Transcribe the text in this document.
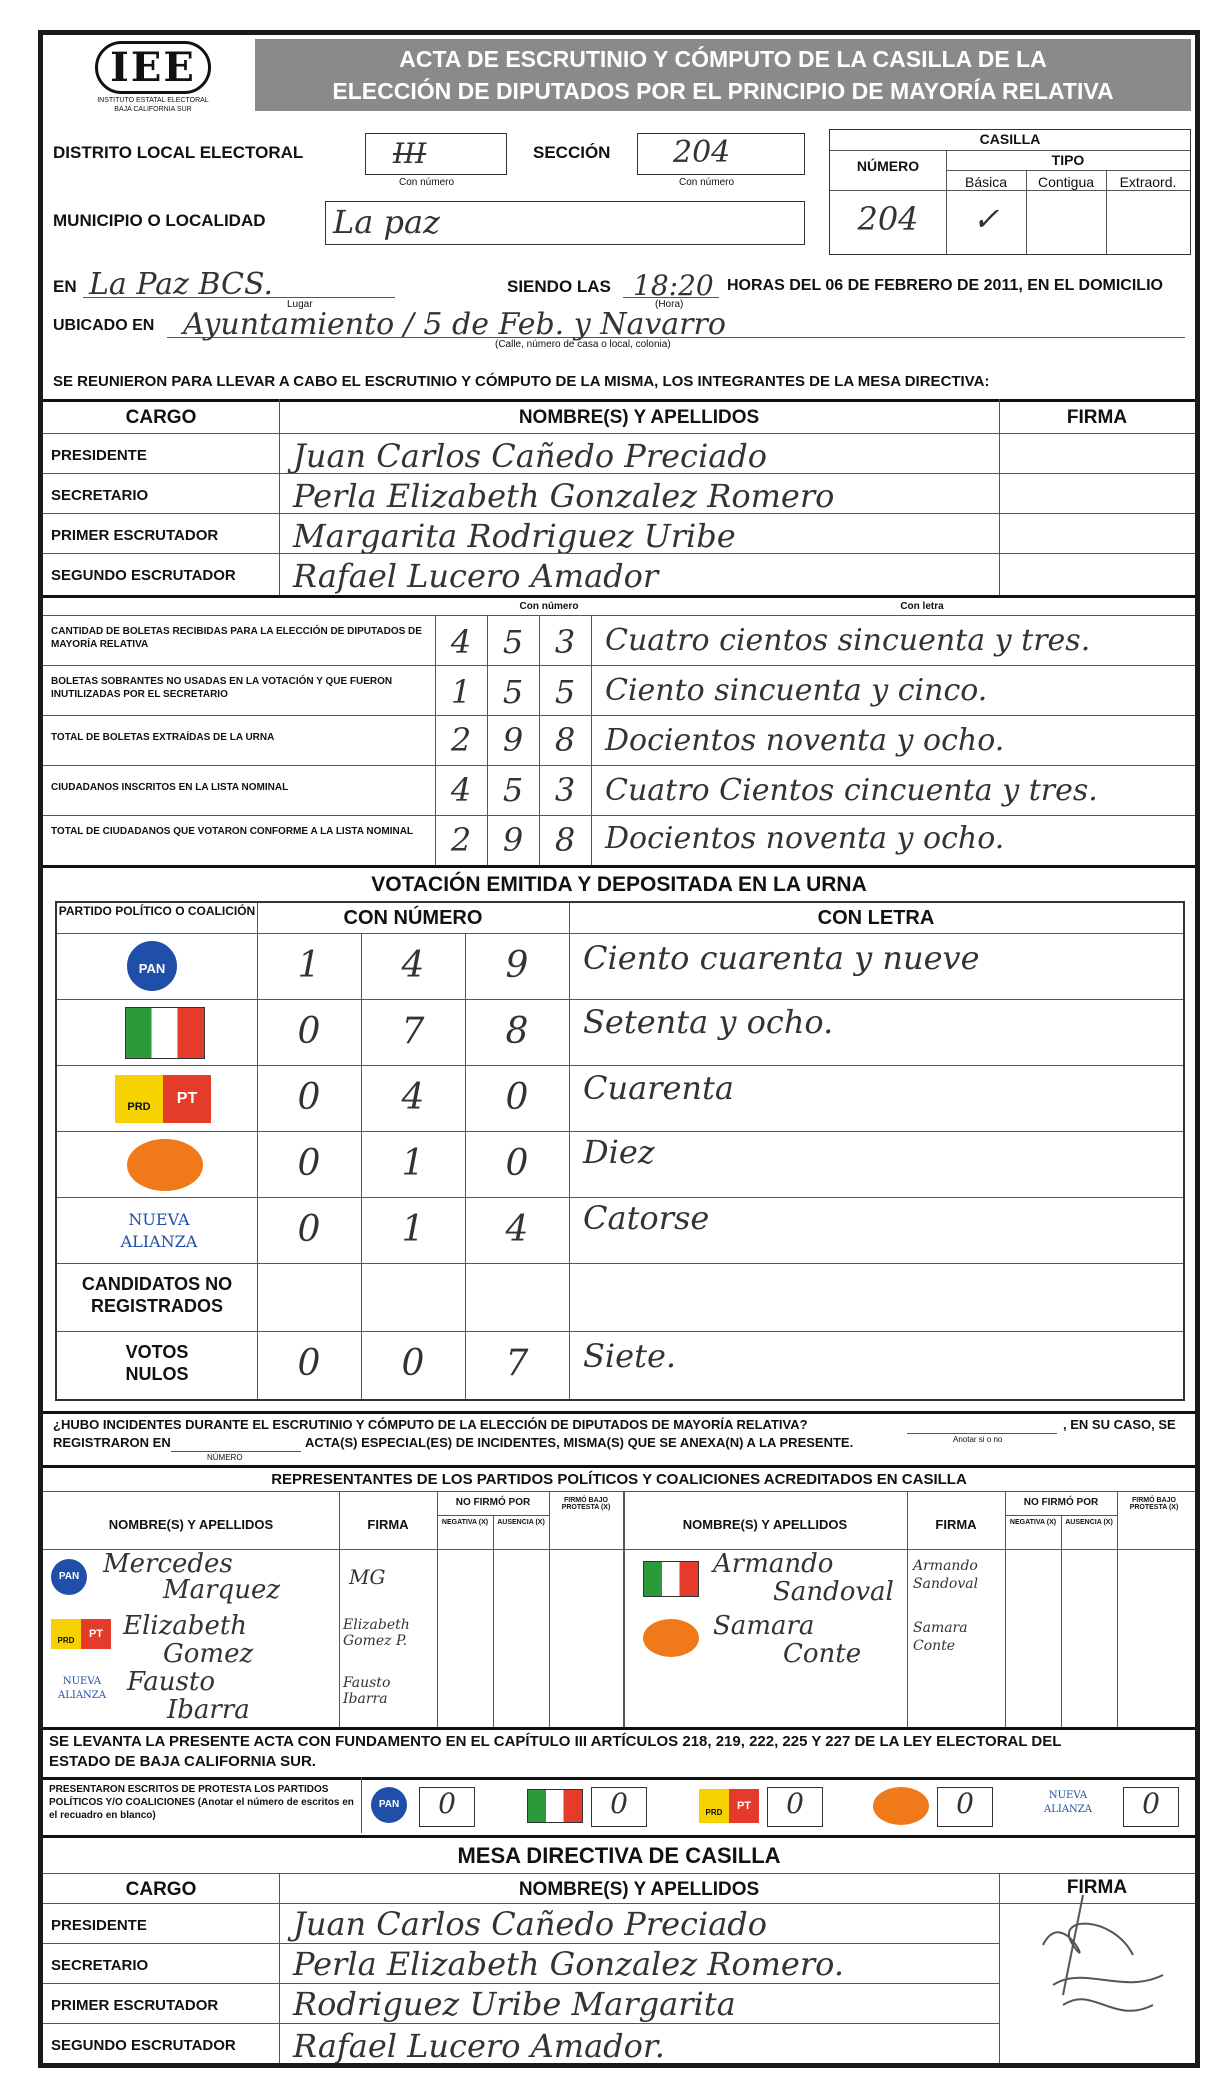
IEE
INSTITUTO ESTATAL ELECTORAL BAJA CALIFORNIA SUR
ACTA DE ESCRUTINIO Y CÓMPUTO DE LA CASILLA DE LA
ELECCIÓN DE DIPUTADOS POR EL PRINCIPIO DE MAYORÍA RELATIVA
DISTRITO LOCAL ELECTORAL	III
Con número
SECCIÓN 204
Con número
MUNICIPIO O LOCALIDAD La paz
CASILLA
NÚMERO	TIPO
Básica	Contigua	Extraord.
204	✓
EN La Paz BCS.
Lugar
SIENDO LAS 18:20
(Hora)
HORAS DEL 06 DE FEBRERO DE 2011, EN EL DOMICILIO
UBICADO EN Ayuntamiento / 5 de Feb. y Navarro
(Calle, número de casa o local, colonia)
SE REUNIERON PARA LLEVAR A CABO EL ESCRUTINIO Y CÓMPUTO DE LA MISMA, LOS INTEGRANTES DE LA MESA DIRECTIVA:
CARGO	NOMBRE(S) Y APELLIDOS	FIRMA
PRESIDENTE	Juan Carlos Cañedo Preciado
SECRETARIO	Perla Elizabeth Gonzalez Romero
PRIMER ESCRUTADOR Margarita Rodriguez Uribe
SEGUNDO ESCRUTADOR Rafael Lucero Amador
Con número	Con letra
CANTIDAD DE BOLETAS RECIBIDAS PARA LA ELECCIÓN DE DIPUTADOS DE MAYORÍA RELATIVA	4 5 3 Cuatro cientos sincuenta y tres.
BOLETAS SOBRANTES NO USADAS EN LA VOTACIÓN Y QUE FUERON INUTILIZADAS POR EL SECRETARIO	1 5 5 Ciento sincuenta y cinco.
TOTAL DE BOLETAS EXTRAÍDAS DE LA URNA	2 9 8 Docientos noventa y ocho.
CIUDADANOS INSCRITOS EN LA LISTA NOMINAL	4 5 3 Cuatro Cientos cincuenta y tres.
TOTAL DE CIUDADANOS QUE VOTARON CONFORME A LA LISTA NOMINAL	2 9 8 Docientos noventa y ocho.
VOTACIÓN EMITIDA Y DEPOSITADA EN LA URNA
PARTIDO POLÍTICO O COALICIÓN	CON NÚMERO	CON LETRA
PAN	1	4	9	Ciento cuarenta y nueve
0	7	8	Setenta y ocho.
PRD	PT	0	4	0	Cuarenta
0	1	0	Diez
NUEVA
ALIANZA	0	1	4	Catorse
CANDIDATOS NO REGISTRADOS
VOTOS NULOS	0	0	7	Siete.
¿HUBO INCIDENTES DURANTE EL ESCRUTINIO Y CÓMPUTO DE LA ELECCIÓN DE DIPUTADOS DE MAYORÍA RELATIVA?	, EN SU CASO, SE
REGISTRARON EN	ACTA(S) ESPECIAL(ES) DE INCIDENTES, MISMA(S) QUE SE ANEXA(N) A LA PRESENTE.
NÚMERO
Anotar si o no
REPRESENTANTES DE LOS PARTIDOS POLÍTICOS Y COALICIONES ACREDITADOS EN CASILLA
NOMBRE(S) Y APELLIDOS	FIRMA
NO FIRMÓ POR
NEGATIVA (X)	AUSENCIA (X)
FIRMÓ BAJO PROTESTA (X)
NOMBRE(S) Y APELLIDOS	FIRMA
NO FIRMÓ POR
NEGATIVA (X)	AUSENCIA (X)
FIRMÓ BAJO PROTESTA (X)
PAN Mercedes
Marquez	MG
PRD
PT Elizabeth
Gomez
Elizabeth Gomez P.
NUEVA
ALIANZA Fausto
Ibarra
Fausto Ibarra
Armando
Sandoval
Armando Sandoval
Samara
Conte
Samara Conte
SE LEVANTA LA PRESENTE ACTA CON FUNDAMENTO EN EL CAPÍTULO III ARTÍCULOS 218, 219, 222, 225 Y 227 DE LA LEY ELECTORAL DEL
ESTADO DE BAJA CALIFORNIA SUR.
PRESENTARON ESCRITOS DE PROTESTA LOS PARTIDOS POLÍTICOS Y/O COALICIONES (Anotar el número de escritos en el recuadro en blanco)
PAN	0	0	PRD
PT	0	0	NUEVA
ALIANZA	0
MESA DIRECTIVA DE CASILLA
CARGO	NOMBRE(S) Y APELLIDOS	FIRMA
PRESIDENTE	Juan Carlos Cañedo Preciado
SECRETARIO	Perla Elizabeth Gonzalez Romero.
PRIMER ESCRUTADOR Rodriguez Uribe Margarita
SEGUNDO ESCRUTADOR Rafael Lucero Amador.
